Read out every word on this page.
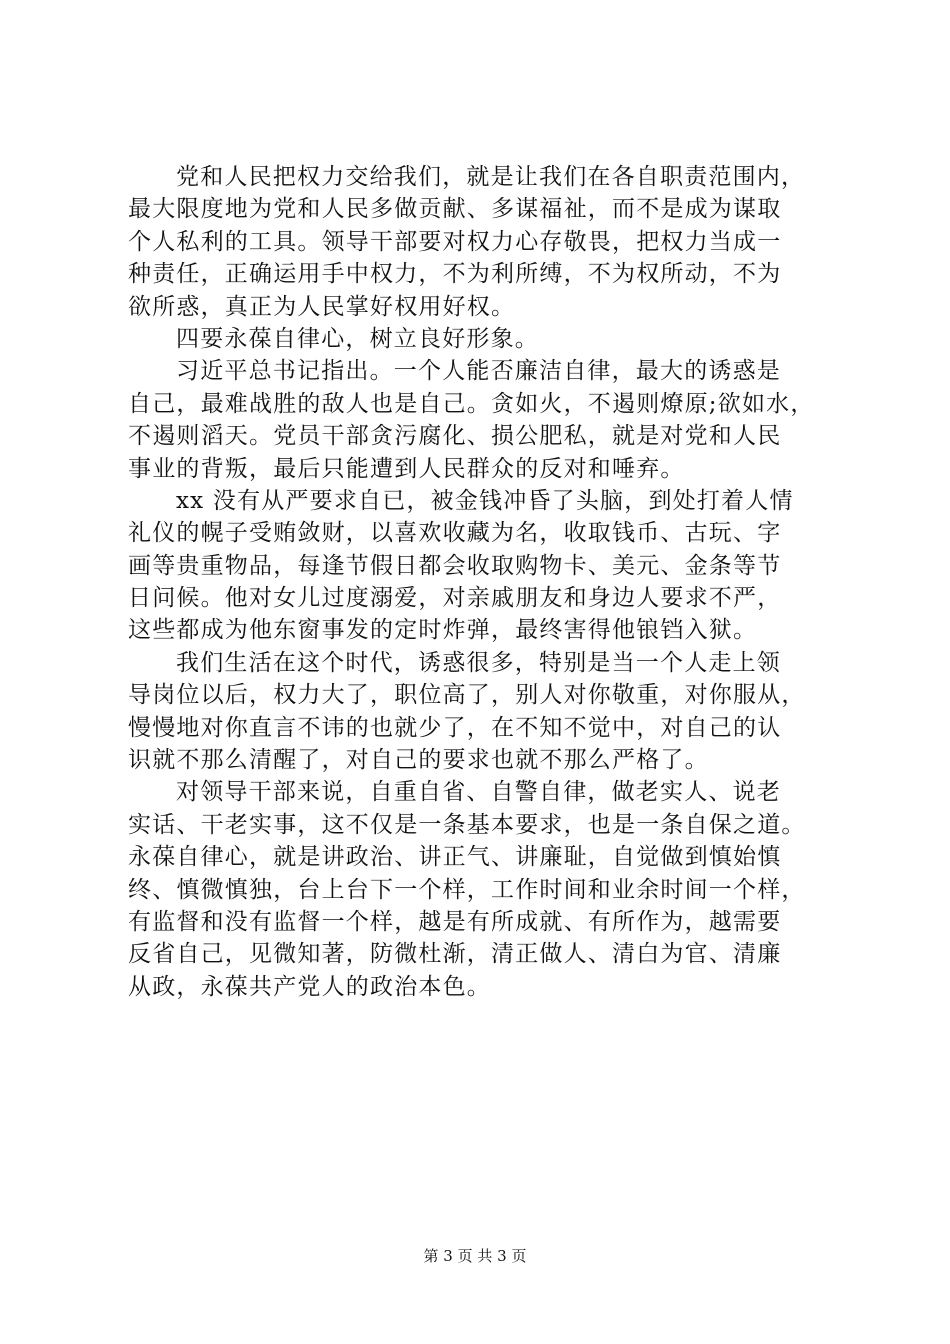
党和人民把权力交给我们，就是让我们在各自职责范围内，
最大限度地为党和人民多做贡献、多谋福祉，而不是成为谋取
个人私利的工具。领导干部要对权力心存敬畏，把权力当成一
种责任，正确运用手中权力，不为利所缚，不为权所动，不为
欲所惑，真正为人民掌好权用好权。
四要永葆自律心，树立良好形象。
习近平总书记指出。一个人能否廉洁自律，最大的诱惑是
自己，最难战胜的敌人也是自己。贪如火，不遏则燎原;欲如水，
不遏则滔天。党员干部贪污腐化、损公肥私，就是对党和人民
事业的背叛，最后只能遭到人民群众的反对和唾弃。
xx 没有从严要求自已，被金钱冲昏了头脑，到处打着人情
礼仪的幌子受贿敛财，以喜欢收藏为名，收取钱币、古玩、字
画等贵重物品，每逢节假日都会收取购物卡、美元、金条等节
日问候。他对女儿过度溺爱，对亲戚朋友和身边人要求不严，
这些都成为他东窗事发的定时炸弹，最终害得他锒铛入狱。
我们生活在这个时代，诱惑很多，特别是当一个人走上领
导岗位以后，权力大了，职位高了，别人对你敬重，对你服从，
慢慢地对你直言不讳的也就少了，在不知不觉中，对自己的认
识就不那么清醒了，对自己的要求也就不那么严格了。
对领导干部来说，自重自省、自警自律，做老实人、说老
实话、干老实事，这不仅是一条基本要求，也是一条自保之道。
永葆自律心，就是讲政治、讲正气、讲廉耻，自觉做到慎始慎
终、慎微慎独，台上台下一个样，工作时间和业余时间一个样，
有监督和没有监督一个样，越是有所成就、有所作为，越需要
反省自己，见微知著，防微杜渐，清正做人、清白为官、清廉
从政，永葆共产党人的政治本色。
第 3 页 共 3 页
